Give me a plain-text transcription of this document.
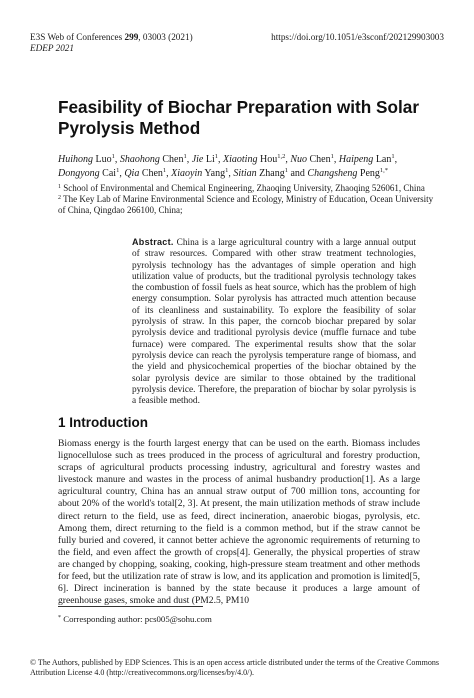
E3S Web of Conferences 299, 03003 (2021)
EDEP 2021
https://doi.org/10.1051/e3sconf/202129903003
Feasibility of Biochar Preparation with Solar Pyrolysis Method
Huihong Luo$^1$, Shaohong Chen$^1$, Jie Li$^1$, Xiaoting Hou$^{1,2}$, Nuo Chen$^1$, Haipeng Lan$^1$, Dongyong Cai$^1$, Qia Chen$^1$, Xiaoyin Yang$^1$, Sitian Zhang$^1$ and Changsheng Peng$^{1,*}$
$^1$ School of Environmental and Chemical Engineering, Zhaoqing University, Zhaoqing 526061, China
$^2$ The Key Lab of Marine Environmental Science and Ecology, Ministry of Education, Ocean University of China, Qingdao 266100, China;
Abstract. China is a large agricultural country with a large annual output of straw resources. Compared with other straw treatment technologies, pyrolysis technology has the advantages of simple operation and high utilization value of products, but the traditional pyrolysis technology takes the combustion of fossil fuels as heat source, which has the problem of high energy consumption. Solar pyrolysis has attracted much attention because of its cleanliness and sustainability. To explore the feasibility of solar pyrolysis of straw. In this paper, the corncob biochar prepared by solar pyrolysis device and traditional pyrolysis device (muffle furnace and tube furnace) were compared. The experimental results show that the solar pyrolysis device can reach the pyrolysis temperature range of biomass, and the yield and physicochemical properties of the biochar obtained by the solar pyrolysis device are similar to those obtained by the traditional pyrolysis device. Therefore, the preparation of biochar by solar pyrolysis is a feasible method.
1 Introduction
Biomass energy is the fourth largest energy that can be used on the earth. Biomass includes lignocellulose such as trees produced in the process of agricultural and forestry production, scraps of agricultural products processing industry, agricultural and forestry wastes and livestock manure and wastes in the process of animal husbandry production[1]. As a large agricultural country, China has an annual straw output of 700 million tons, accounting for about 20% of the world's total[2, 3]. At present, the main utilization methods of straw include direct return to the field, use as feed, direct incineration, anaerobic biogas, pyrolysis, etc. Among them, direct returning to the field is a common method, but if the straw cannot be fully buried and covered, it cannot better achieve the agronomic requirements of returning to the field, and even affect the growth of crops[4]. Generally, the physical properties of straw are changed by chopping, soaking, cooking, high-pressure steam treatment and other methods for feed, but the utilization rate of straw is low, and its application and promotion is limited[5, 6]. Direct incineration is banned by the state because it produces a large amount of greenhouse gases, smoke and dust (PM2.5, PM10
* Corresponding author: pcs005@sohu.com
© The Authors, published by EDP Sciences. This is an open access article distributed under the terms of the Creative Commons Attribution License 4.0 (http://creativecommons.org/licenses/by/4.0/).
